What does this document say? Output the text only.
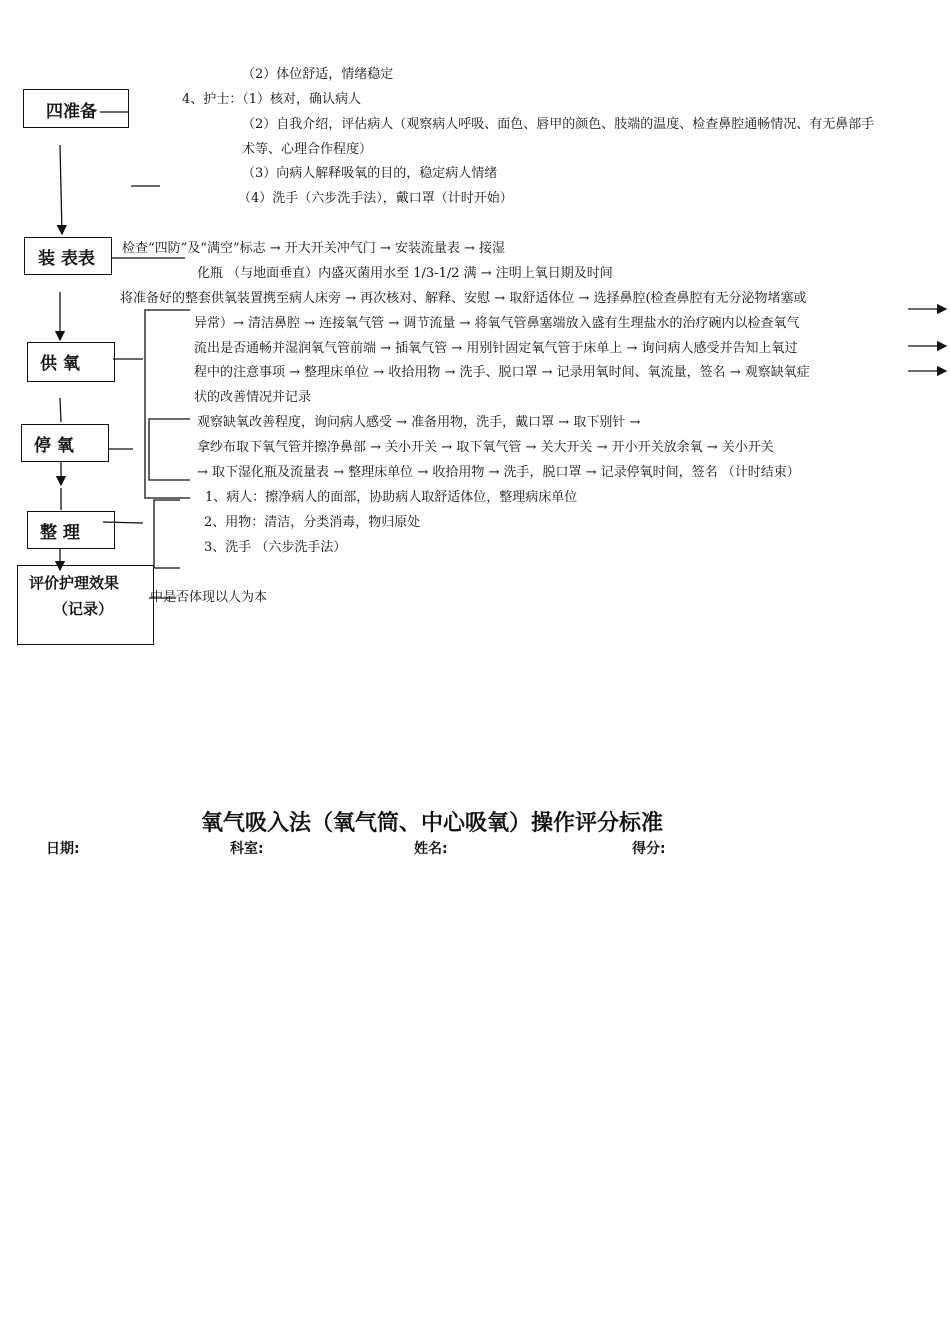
四准备
装 表表
供 氧
停 氧
整 理
评价护理效果
（记录）
（2）体位舒适，情绪稳定
4、护士：（1）核对，确认病人
（2）自我介绍，评估病人（观察病人呼吸、面色、唇甲的颜色、肢端的温度、检查鼻腔通畅情况、有无鼻部手
术等、心理合作程度）
（3）向病人解释吸氧的目的，稳定病人情绪
（4）洗手（六步洗手法），戴口罩（计时开始）
检查“四防”及“满空”标志 → 开大开关冲气门 → 安装流量表 → 接湿
化瓶 （与地面垂直）内盛灭菌用水至 1/3-1/2 满 → 注明上氧日期及时间
将准备好的整套供氧装置携至病人床旁 → 再次核对、解释、安慰 → 取舒适体位 → 选择鼻腔(检查鼻腔有无分泌物堵塞或
异常）→ 清洁鼻腔 → 连接氧气管 → 调节流量 → 将氧气管鼻塞端放入盛有生理盐水的治疗碗内以检查氧气
流出是否通畅并湿润氧气管前端 → 插氧气管 → 用别针固定氧气管于床单上 → 询问病人感受并告知上氧过
程中的注意事项 → 整理床单位 → 收拾用物 → 洗手、脱口罩 → 记录用氧时间、氧流量，签名 → 观察缺氧症
状的改善情况并记录
观察缺氧改善程度，询问病人感受 → 准备用物，洗手，戴口罩 → 取下别针 →
拿纱布取下氧气管并擦净鼻部 → 关小开关 → 取下氧气管 → 关大开关 → 开小开关放余氧 → 关小开关
→ 取下湿化瓶及流量表 → 整理床单位 → 收拾用物 → 洗手，脱口罩 → 记录停氧时间，签名 （计时结束）
1、病人：擦净病人的面部，协助病人取舒适体位，整理病床单位
2、用物：清洁，分类消毒，物归原处
3、洗手 （六步洗手法）
中是否体现以人为本
氧气吸入法（氧气筒、中心吸氧）操作评分标准
日期:	科室:	姓名:	得分:
